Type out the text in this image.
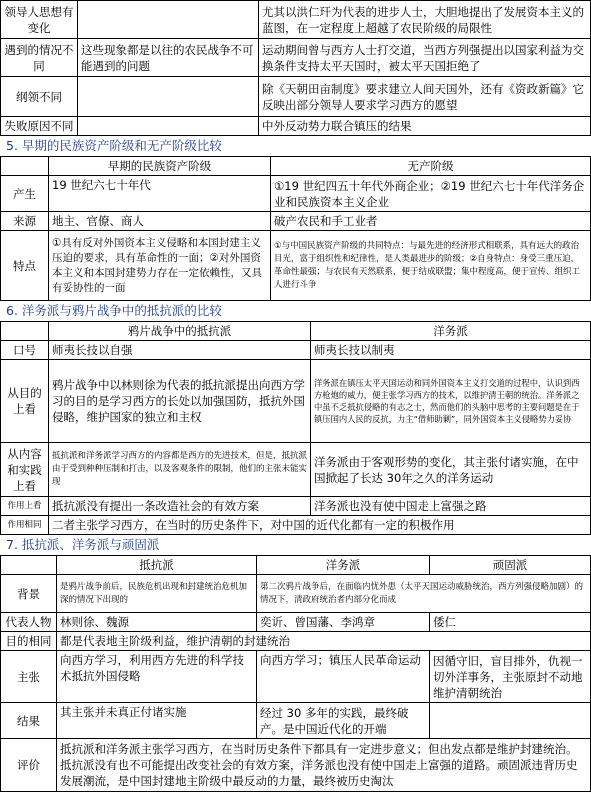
领导人思想有变化		尤其以洪仁玕为代表的进步人士，大胆地提出了发展资本主义的蓝图，在一定程度上超越了农民阶级的局限性
遇到的情况不同	这些现象都是以往的农民战争不可能遇到的问题	运动期间曾与西方人士打交道，当西方列强提出以国家利益为交换条件支持太平天国时，被太平天国拒绝了
纲领不同		除《天朝田亩制度》要求建立人间天国外，还有《资政新篇》它反映出部分领导人要求学习西方的愿望
失败原因不同		中外反动势力联合镇压的结果
5. 早期的民族资产阶级和无产阶级比较
	早期的民族资产阶级	无产阶级
产生	19 世纪六七十年代	①19 世纪四五十年代外商企业；②19 世纪六七十年代洋务企业和民族资本主义企业
来源	地主、官僚、商人	破产农民和手工业者
特点	①具有反对外国资本主义侵略和本国封建主义压迫的要求，具有革命性的一面；②对外国资本主义和本国封建势力存在一定依赖性，又具有妥协性的一面	①与中国民族资产阶级的共同特点：与最先进的经济形式相联系，具有远大的政治目光，富于组织性和纪律性，是人类最进步的阶级；②自身特点：身受三重压迫，革命性最强；与农民有天然联系，便于结成联盟；集中程度高，便于宣传、组织工人进行斗争
6. 洋务派与鸦片战争中的抵抗派的比较
	鸦片战争中的抵抗派	洋务派
口号	师夷长技以自强	师夷长技以制夷
从目的上看	鸦片战争中以林则徐为代表的抵抗派提出向西方学习的目的是学习西方的长处以加强国防，抵抗外国侵略，维护国家的独立和主权	洋务派在镇压太平天国运动和同外国资本主义打交道的过程中，认识到西方枪炮的威力，便主张学习西方的技术，以维护清王朝的统治。洋务派之中虽不乏抵抗侵略的有志之士，然而他们的头脑中思考的主要问题是在于镇压国内人民的反抗，力主“借师助剿”，同外国资本主义侵略势力妥协
从内容和实践上看	抵抗派和洋务派学习西方的内容都是西方的先进技术，但是，抵抗派由于受到种种压制和打击，以及客观条件的限制，他们的主张未能实现	洋务派由于客观形势的变化，其主张付诸实施，在中国掀起了长达 30年之久的洋务运动
作用上看	抵抗派没有提出一条改造社会的有效方案	洋务派也没有使中国走上富强之路
作用相同	二者主张学习西方，在当时的历史条件下，对中国的近代化都有一定的积极作用	
7. 抵抗派、洋务派与顽固派
	抵抗派	洋务派	顽固派
背景	是鸦片战争前后，民族危机出现和封建统治危机加深的情况下出现的	第二次鸦片战争后，在面临内忧外患（太平天国运动威胁统治，西方列强侵略加剧）的情况下，清政府统治者内部分化而成	
代表人物	林则徐、魏源	奕䜣、曾国藩、李鸿章	倭仁
目的相同	都是代表地主阶级利益，维护清朝的封建统治		
主张	向西方学习，利用西方先进的科学技术抵抗外国侵略	向西方学习；镇压人民革命运动	因循守旧，盲目排外，仇视一切外洋事务，主张原封不动地维护清朝统治
结果	其主张并未真正付诸实施	经过 30 多年的实践，最终破产。是中国近代化的开端	
评价	抵抗派和洋务派主张学习西方，在当时历史条件下都具有一定进步意义；但出发点都是维护封建统治。抵抗派没有也不可能提出改变社会的有效方案，洋务派也没有使中国走上富强的道路。顽固派违背历史发展潮流，是中国封建地主阶级中最反动的力量，最终被历史淘汰		
